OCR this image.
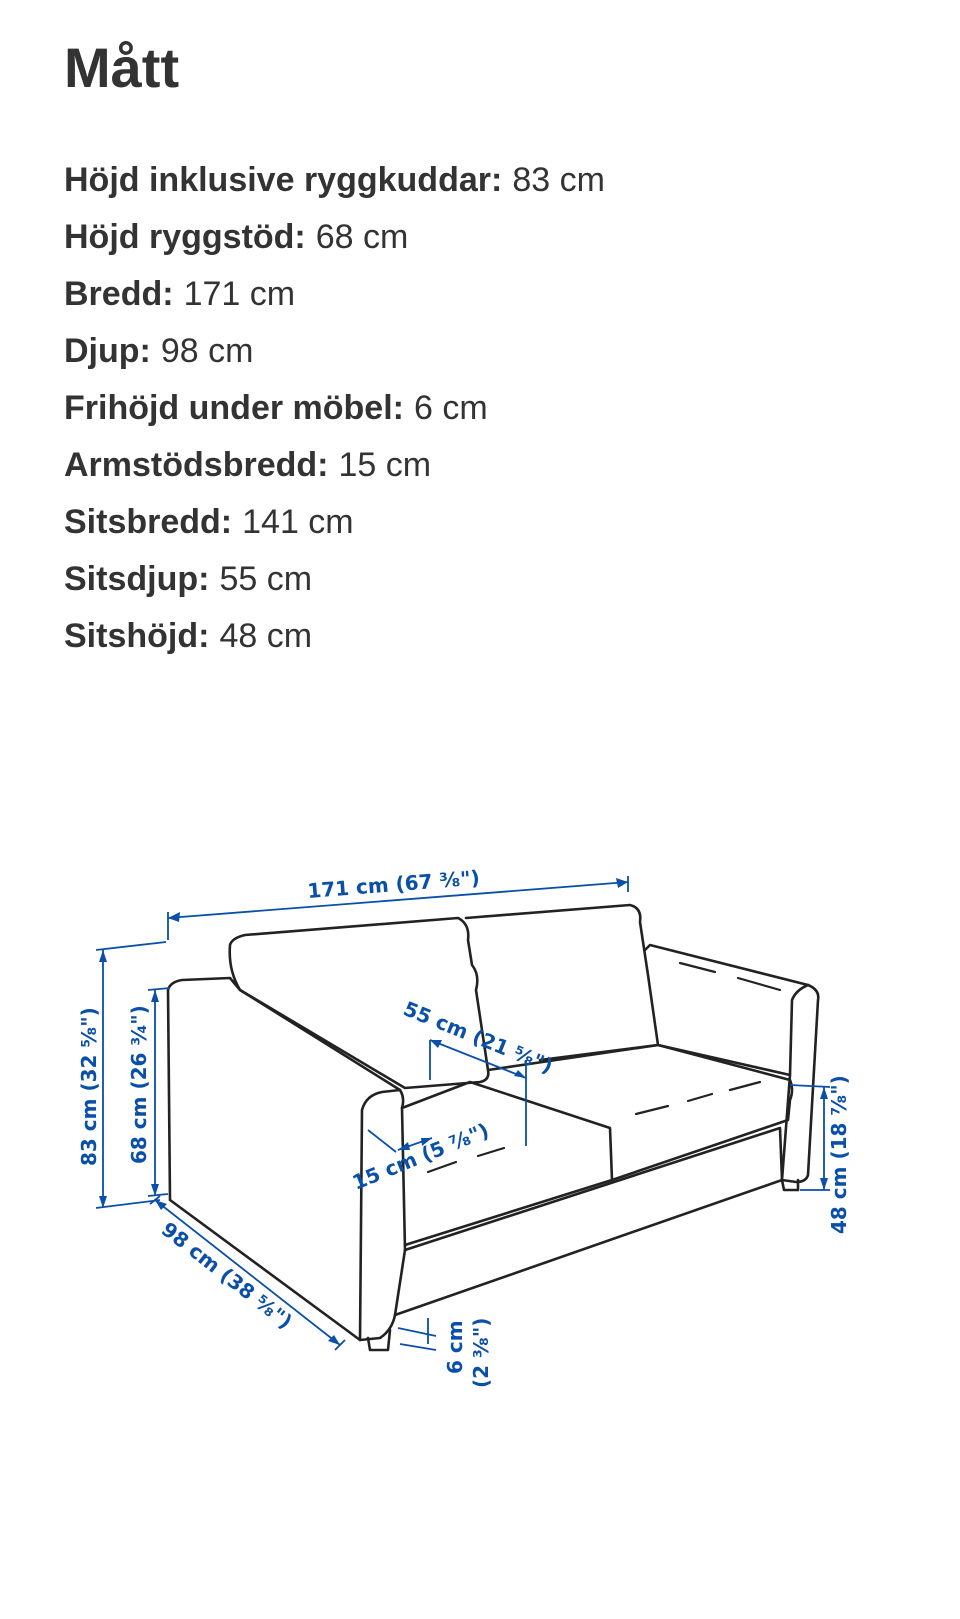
Mått
Höjd inklusive ryggkuddar: 83 cm
Höjd ryggstöd: 68 cm
Bredd: 171 cm
Djup: 98 cm
Frihöjd under möbel: 6 cm
Armstödsbredd: 15 cm
Sitsbredd: 141 cm
Sitsdjup: 55 cm
Sitshöjd: 48 cm
171 cm (67 ³⁄₈")
83 cm (32 ⁵⁄₈") 68 cm (26 ³⁄₄")
98 cm (38 ⁵⁄₈")
55 cm (21 ⁵⁄₈")
15 cm (5 ⁷⁄₈")	48 cm (18 ⁷⁄₈")
6 cm (2 ³⁄₈")
